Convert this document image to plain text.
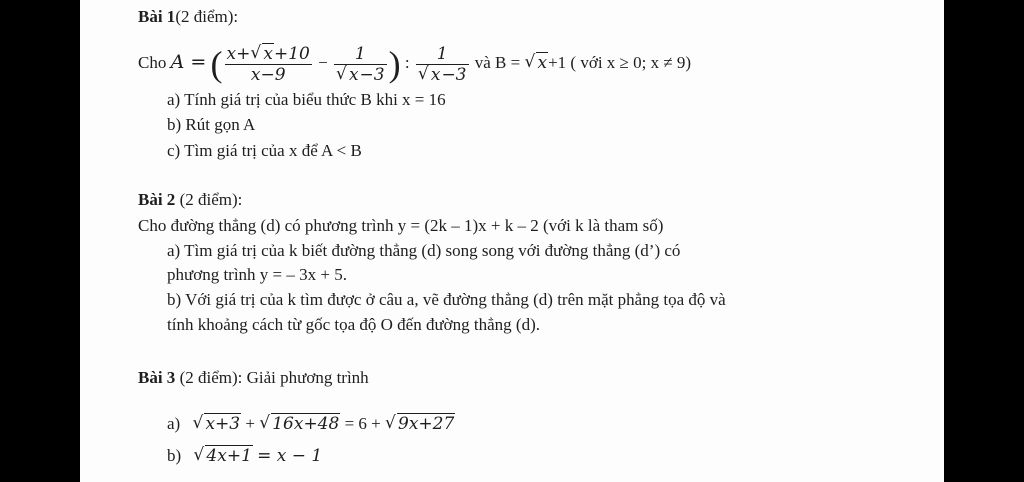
Bài 1(2 điểm):
Cho A = ( $\frac{x+ √ x+10}{x-9} - 1$
√ x−3 ) : 1
√ x−3 và B = √ x+1 ( với x ≥ 0; x ≠ 9)
a) Tính giá trị của biểu thức B khi x = 16
b) Rút gọn A
c) Tìm giá trị của x để A < B
Bài 2 (2 điểm):
Cho đường thẳng (d) có phương trình y = (2k – 1)x + k – 2 (với k là tham số)
a) Tìm giá trị của k biết đường thẳng (d) song song với đường thẳng (d’) có
phương trình y = – 3x + 5.
b) Với giá trị của k tìm được ở câu a, vẽ đường thẳng (d) trên mặt phẳng tọa độ và
tính khoảng cách từ gốc tọa độ O đến đường thẳng (d).
Bài 3 (2 điểm): Giải phương trình
a) √ x+3 + √ 16x+48 = 6 + √ 9x+27
b) √ 4x+1 = x − 1
